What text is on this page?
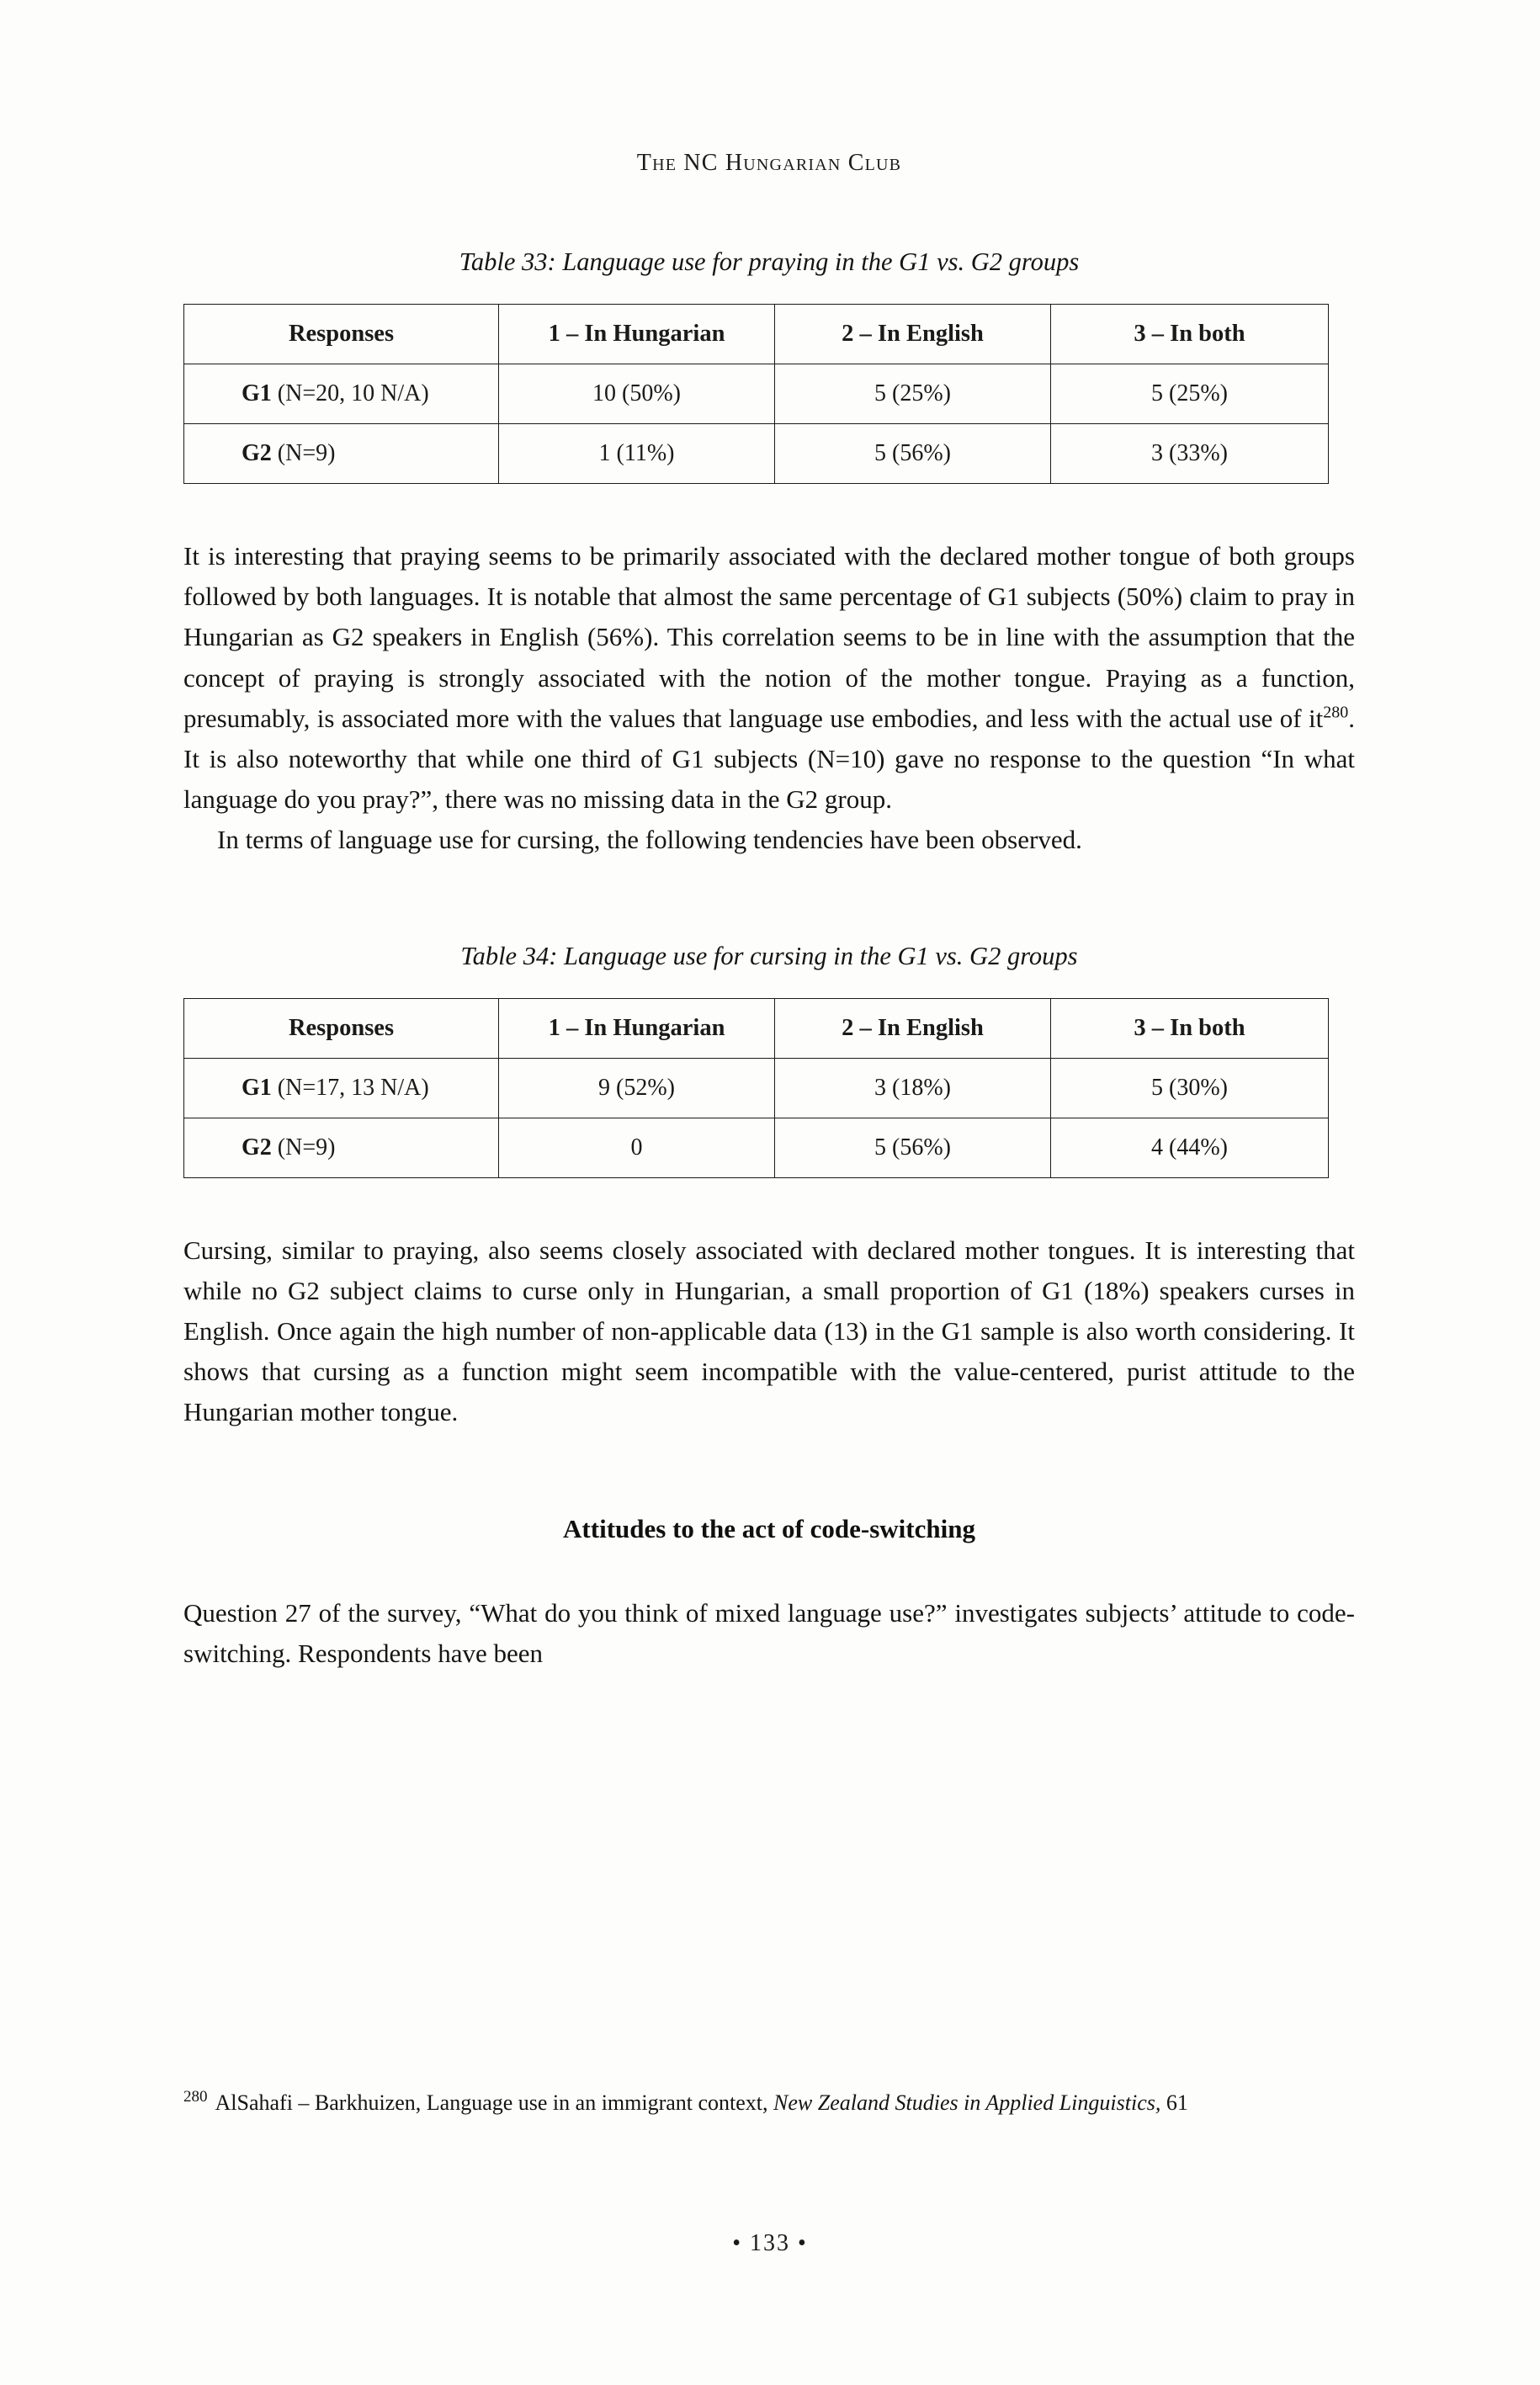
The NC Hungarian Club
Table 33: Language use for praying in the G1 vs. G2 groups
Responses	1 – In Hungarian	2 – In English	3 – In both
G1 (N=20, 10 N/A)	10 (50%)	5 (25%)	5 (25%)
G2 (N=9)	1 (11%)	5 (56%)	3 (33%)

It is interesting that praying seems to be primarily associated with the declared mother tongue of both groups followed by both languages. It is notable that almost the same percentage of G1 subjects (50%) claim to pray in Hungarian as G2 speakers in English (56%). This correlation seems to be in line with the assumption that the concept of praying is strongly associated with the notion of the mother tongue. Praying as a function, presumably, is associated more with the values that language use embodies, and less with the actual use of it$^{280}$. It is also noteworthy that while one third of G1 subjects (N=10) gave no response to the question “In what language do you pray?”, there was no missing data in the G2 group.

In terms of language use for cursing, the following tendencies have been observed.

Table 34: Language use for cursing in the G1 vs. G2 groups
Responses	1 – In Hungarian	2 – In English	3 – In both
G1 (N=17, 13 N/A)	9 (52%)	3 (18%)	5 (30%)
G2 (N=9)	0	5 (56%)	4 (44%)

Cursing, similar to praying, also seems closely associated with declared mother tongues. It is interesting that while no G2 subject claims to curse only in Hungarian, a small proportion of G1 (18%) speakers curses in English. Once again the high number of non-applicable data (13) in the G1 sample is also worth considering. It shows that cursing as a function might seem incompatible with the value-centered, purist attitude to the Hungarian mother tongue.

Attitudes to the act of code-switching

Question 27 of the survey, “What do you think of mixed language use?” investigates subjects’ attitude to code-switching. Respondents have been

$^{280}$ AlSahafi – Barkhuizen, Language use in an immigrant context, New Zealand Studies in Applied Linguistics, 61
• 133 •
